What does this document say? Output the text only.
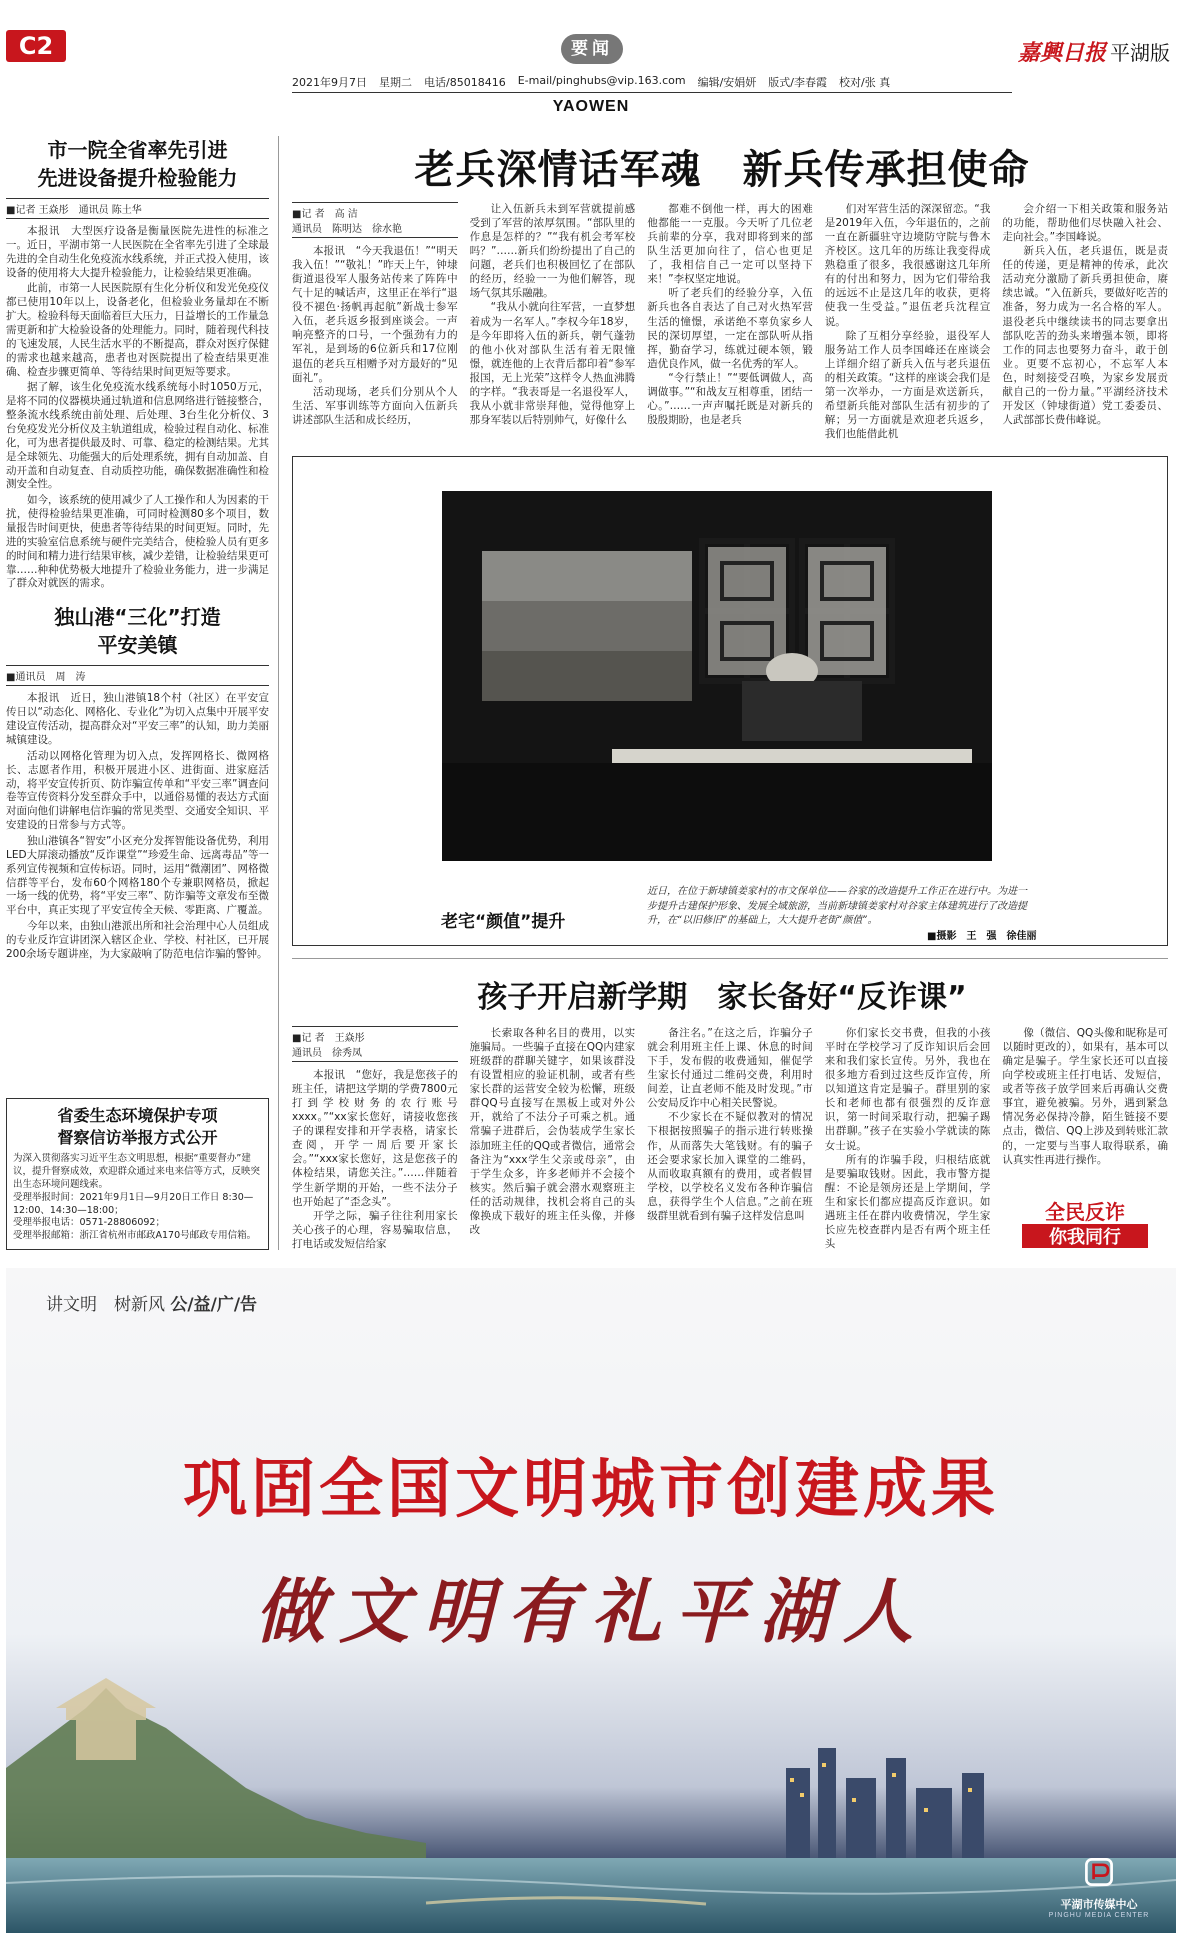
C2	要闻	嘉興日报 平湖版
2021年9月7日 星期二 电话/85018416 E-mail/pinghubs@vip.163.com 编辑/安娟妍 版式/李春霞 校对/张 真
YAOWEN
市一院全省率先引进
先进设备提升检验能力
■记者 王焱彤　通讯员 陈土华

本报讯　大型医疗设备是衡量医院先进性的标准之一。近日，平湖市第一人民医院在全省率先引进了全球最先进的全自动生化免疫流水线系统，并正式投入使用，该设备的使用将大大提升检验能力，让检验结果更准确。

此前，市第一人民医院原有生化分析仪和发光免疫仪都已使用10年以上，设备老化，但检验业务量却在不断扩大。检验科每天面临着巨大压力，日益增长的工作量急需更新和扩大检验设备的处理能力。同时，随着现代科技的飞速发展，人民生活水平的不断提高，群众对医疗保健的需求也越来越高，患者也对医院提出了检查结果更准确、检查步骤更简单、等待结果时间更短等要求。

据了解，该生化免疫流水线系统每小时1050万元，是将不同的仪器模块通过轨道和信息网络进行链接整合，整条流水线系统由前处理、后处理、3台生化分析仪、3台免疫发光分析仪及主轨道组成，检验过程自动化、标准化，可为患者提供最及时、可靠、稳定的检测结果。尤其是全球领先、功能强大的后处理系统，拥有自动加盖、自动开盖和自动复查、自动质控功能，确保数据准确性和检测安全性。

如今，该系统的使用减少了人工操作和人为因素的干扰，使得检验结果更准确，可同时检测80多个项目，数量报告时间更快，使患者等待结果的时间更短。同时，先进的实验室信息系统与硬件完美结合，使检验人员有更多的时间和精力进行结果审核，减少差错，让检验结果更可靠……种种优势极大地提升了检验业务能力，进一步满足了群众对就医的需求。

独山港“三化”打造
平安美镇
■通讯员　周　涛

本报讯　近日，独山港镇18个村（社区）在平安宣传日以“动态化、网格化、专业化”为切入点集中开展平安建设宣传活动，提高群众对“平安三率”的认知，助力美丽城镇建设。

活动以网格化管理为切入点，发挥网格长、微网格长、志愿者作用，积极开展进小区、进街面、进家庭活动，将平安宣传折页、防诈骗宣传单和“平安三率”调查问卷等宣传资料分发至群众手中，以通俗易懂的表达方式面对面向他们讲解电信诈骗的常见类型、交通安全知识、平安建设的日常参与方式等。

独山港镇各“智安”小区充分发挥智能设备优势，利用LED大屏滚动播放“反诈课堂”“珍爱生命、远离毒品”等一系列宣传视频和宣传标语。同时，运用“微潮团”、网格微信群等平台，发布60个网格180个专兼职网格员，掀起一场一线的优势，将“平安三率”、防诈骗等文章发布至微平台中，真正实现了平安宣传全天候、零距离、广覆盖。

今年以来，由独山港派出所和社会治理中心人员组成的专业反诈宣讲团深入辖区企业、学校、村社区，已开展200余场专题讲座，为大家敲响了防范电信诈骗的警钟。

省委生态环境保护专项
督察信访举报方式公开
为深入贯彻落实习近平生态文明思想，根据“重要督办”建议，提升督察成效，欢迎群众通过来电来信等方式，反映突出生态环境问题线索。
受理举报时间：2021年9月1日—9月20日工作日 8:30—12:00、14:30—18:00；
受理举报电话：0571-28806092；
受理举报邮箱：浙江省杭州市邮政A170号邮政专用信箱。
老兵深情话军魂　新兵传承担使命
■记 者　高 洁
通讯员　陈明达　徐水艳

本报讯　“今天我退伍！”“明天我入伍！”“敬礼！”昨天上午，钟埭街道退役军人服务站传来了阵阵中气十足的喊话声，这里正在举行“退役不褪色·扬帆再起航”新战士参军入伍，老兵返乡报到座谈会。一声响亮整齐的口号，一个强劲有力的军礼，是到场的6位新兵和17位刚退伍的老兵互相赠予对方最好的“见面礼”。

活动现场，老兵们分别从个人生活、军事训练等方面向入伍新兵讲述部队生活和成长经历，

让入伍新兵未到军营就提前感受到了军营的浓厚氛围。“部队里的作息是怎样的？”“我有机会考军校吗？”……新兵们纷纷提出了自己的问题，老兵们也积极回忆了在部队的经历，经验一一为他们解答，现场气氛其乐融融。

“我从小就向往军营，一直梦想着成为一名军人。”李权今年18岁，是今年即将入伍的新兵，朝气蓬勃的他小伙对部队生活有着无限憧憬，就连他的上衣背后都印着“参军报国，无上光荣”这样令人热血沸腾的字样。“我表哥是一名退役军人，我从小就非常崇拜他，觉得他穿上那身军装以后特别帅气，好像什么

都难不倒他一样，再大的困难他都能一一克服。今天听了几位老兵前辈的分享，我对即将到来的部队生活更加向往了，信心也更足了，我相信自己一定可以坚持下来！”李权坚定地说。

听了老兵们的经验分享，入伍新兵也各自表达了自己对火热军营生活的憧憬，承诺绝不辜负家乡人民的深切厚望，一定在部队听从指挥，勤奋学习，练就过硬本领，锻造优良作风，做一名优秀的军人。

“令行禁止！”“要低调做人，高调做事。”“和战友互相尊重，团结一心。”……一声声嘱托既是对新兵的殷殷期盼，也是老兵

们对军营生活的深深留恋。“我是2019年入伍，今年退伍的，之前一直在新疆驻守边境防守院与鲁木齐校区。这几年的历练让我变得成熟稳重了很多，我很感谢这几年所有的付出和努力，因为它们带给我的远远不止是这几年的收获，更将使我一生受益。”退伍老兵沈程宣说。

除了互相分享经验，退役军人服务站工作人员李国峰还在座谈会上详细介绍了新兵入伍与老兵退伍的相关政策。“这样的座谈会我们是第一次举办，一方面是欢送新兵，希望新兵能对部队生活有初步的了解；另一方面就是欢迎老兵返乡，我们也能借此机

会介绍一下相关政策和服务站的功能，帮助他们尽快融入社会、走向社会。”李国峰说。

新兵入伍，老兵退伍，既是责任的传递，更是精神的传承，此次活动充分激励了新兵勇担使命，赓续忠诚。“入伍新兵，要做好吃苦的准备，努力成为一名合格的军人。退役老兵中继续读书的同志要拿出部队吃苦的劲头来增强本领，即将工作的同志也要努力奋斗，敢于创业。更要不忘初心，不忘军人本色，时刻接受召唤，为家乡发展贡献自己的一份力量。”平湖经济技术开发区（钟埭街道）党工委委员、人武部部长费伟峰说。

老宅“颜值”提升
近日，在位于新埭镇姜家村的市文保单位——谷家的改造提升工作正在进行中。为进一步提升古建保护形象、发展全域旅游，当前新埭镇姜家村对谷家主体建筑进行了改造提升，在“以旧修旧”的基础上，大大提升老街“颜值”。
■摄影　王　强　徐佳丽
孩子开启新学期　家长备好“反诈课”
■记 者　王焱彤
通讯员　徐秀凤

本报讯　“您好，我是您孩子的班主任，请把这学期的学费7800元打到学校财务的农行账号xxxx。”“xx家长您好，请接收您孩子的课程安排和开学表格，请家长查阅，开学一周后要开家长会。”“xxx家长您好，这是您孩子的体检结果，请您关注。”……伴随着学生新学期的开始，一些不法分子也开始起了“歪念头”。

开学之际，骗子往往利用家长关心孩子的心理，容易骗取信息，打电话或发短信给家

长索取各种名目的费用，以实施骗局。一些骗子直接在QQ内建家班级群的群聊关键字，如果该群没有设置相应的验证机制，或者有些家长群的运营安全较为松懈，班级群QQ号直接写在黑板上或对外公开，就给了不法分子可乘之机。通常骗子进群后，会伪装成学生家长添加班主任的QQ或者微信，通常会备注为“xxx学生父亲或母亲”，由于学生众多，许多老师并不会接个核实。然后骗子就会潜水观察班主任的活动规律，找机会将自己的头像换成下载好的班主任头像，并修改

备注名。”在这之后，诈骗分子就会利用班主任上课、休息的时间下手，发布假的收费通知，催促学生家长付通过二维码交费，利用时间差，让直老师不能及时发现。”市公安局反诈中心相关民警说。

不少家长在不疑似教对的情况下根据按照骗子的指示进行转账操作，从而落失大笔钱财。有的骗子还会要求家长加入课堂的二维码，从而收取真额有的费用，或者假冒学校，以学校名义发布各种诈骗信息，获得学生个人信息。”之前在班级群里就看到有骗子这样发信息叫

你们家长交书费，但我的小孩平时在学校学习了反诈知识后会回来和我们家长宣传。另外，我也在很多地方看到过这些反诈宣传，所以知道这肯定是骗子。群里别的家长和老师也都有很强烈的反诈意识，第一时间采取行动，把骗子踢出群聊。”孩子在实验小学就读的陈女士说。

所有的诈骗手段，归根结底就是要骗取钱财。因此，我市警方提醒：不论是领房还是上学期间，学生和家长们都应提高反诈意识。如遇班主任在群内收费情况，学生家长应先校查群内是否有两个班主任头

像（微信、QQ头像和昵称是可以随时更改的），如果有，基本可以确定是骗子。学生家长还可以直接向学校或班主任打电话、发短信，或者等孩子放学回来后再确认交费事宜，避免被骗。另外，遇到紧急情况务必保持冷静，陌生链接不要点击，微信、QQ上涉及到转账汇款的，一定要与当事人取得联系，确认真实性再进行操作。

全民反诈
你我同行
讲文明　树新风 公/益/广/告
巩固全国文明城市创建成果
做文明有礼平湖人
平湖市传媒中心
PINGHU MEDIA CENTER
